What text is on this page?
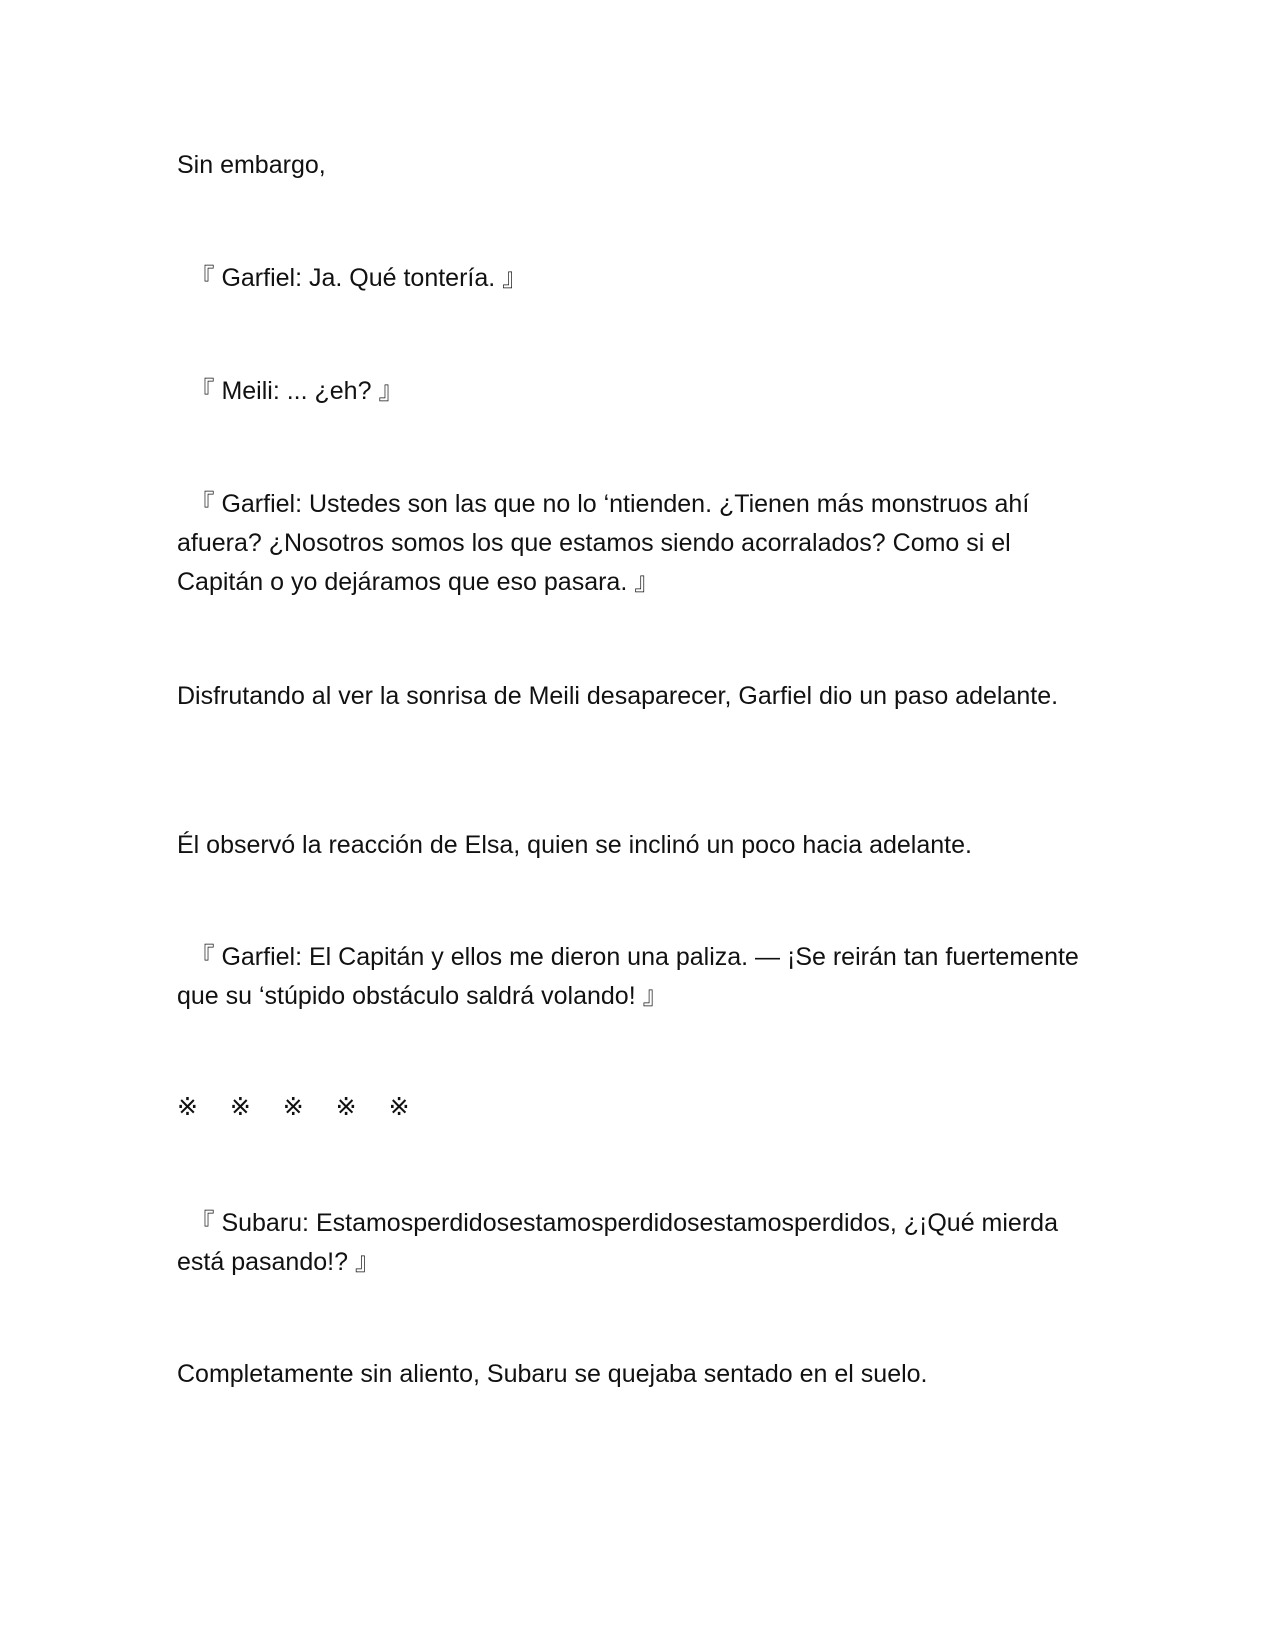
Sin embargo,

　『 Garfiel: Ja. Qué tontería. 』

　『 Meili: ... ¿eh? 』

　『 Garfiel: Ustedes son las que no lo ‘ntienden. ¿Tienen más monstruos ahí afuera? ¿Nosotros somos los que estamos siendo acorralados? Como si el Capitán o yo dejáramos que eso pasara. 』

Disfrutando al ver la sonrisa de Meili desaparecer, Garfiel dio un paso adelante.

Él observó la reacción de Elsa, quien se inclinó un poco hacia adelante.

　『 Garfiel: El Capitán y ellos me dieron una paliza. — ¡Se reirán tan fuertemente que su ‘stúpido obstáculo saldrá volando! 』

※　 ※　 ※　 ※　 ※

　『 Subaru: Estamosperdidosestamosperdidosestamosperdidos, ¿¡Qué mierda está pasando!? 』

Completamente sin aliento, Subaru se quejaba sentado en el suelo.
